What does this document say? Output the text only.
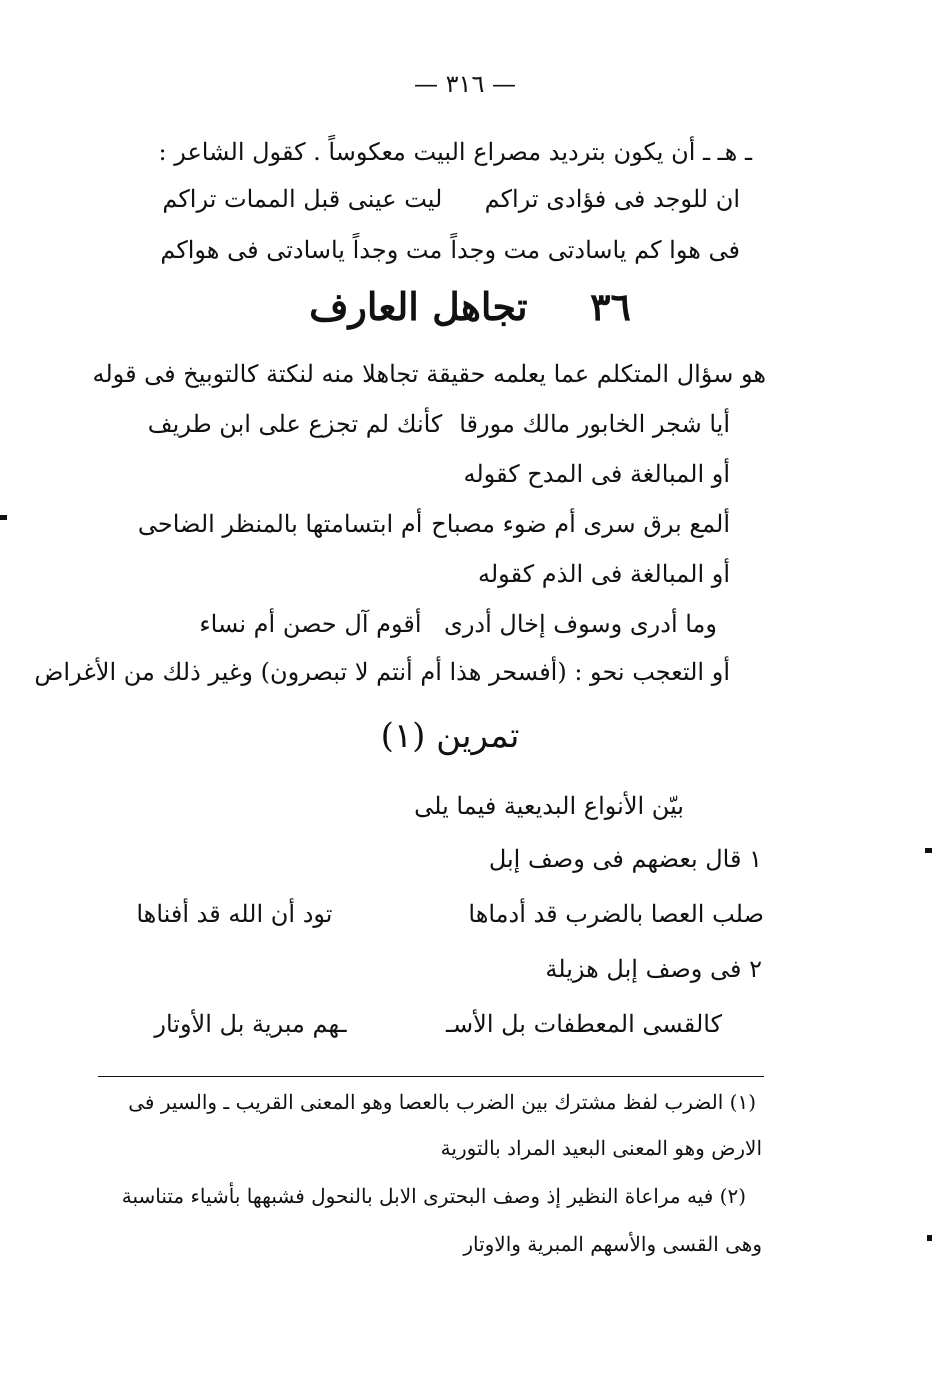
— ٣١٦ —
ـ هـ ـ أن يكون بترديد مصراع البيت معكوساً . كقول الشاعر :
ان للوجد فى فؤادى تراكم ليت عينى قبل الممات تراكم
فى هوا كم ياسادتى مت وجداً مت وجداً ياسادتى فى هواكم
٣٦  تجاهل العارف
هو سؤال المتكلم عما يعلمه حقيقة تجاهلا منه لنكتة كالتوبيخ فى قوله
أيا شجر الخابور مالك مورقا كأنك لم تجزع على ابن طريف
أو المبالغة فى المدح كقوله
ألمع برق سرى أم ضوء مصباح أم ابتسامتها بالمنظر الضاحى
أو المبالغة فى الذم كقوله
وما أدرى وسوف إخال أدرى أقوم آل حصن أم نساء
أو التعجب نحو : (أفسحر هذا أم أنتم لا تبصرون) وغير ذلك من الأغراض
تمرين (١)
بيّن الأنواع البديعية فيما يلى
١ قال بعضهم فى وصف إبل
صلب العصا بالضرب قد أدماها تود أن الله قد أفناها
٢ فى وصف إبل هزيلة
كالقسى المعطفات بل الأسـ ـهم مبرية بل الأوتار
(١) الضرب لفظ مشترك بين الضرب بالعصا وهو المعنى القريب ـ والسير فى
الارض وهو المعنى البعيد المراد بالتورية
(٢) فيه مراعاة النظير إذ وصف البحترى الابل بالنحول فشبهها بأشياء متناسبة
وهى القسى والأسهم المبرية والاوتار
